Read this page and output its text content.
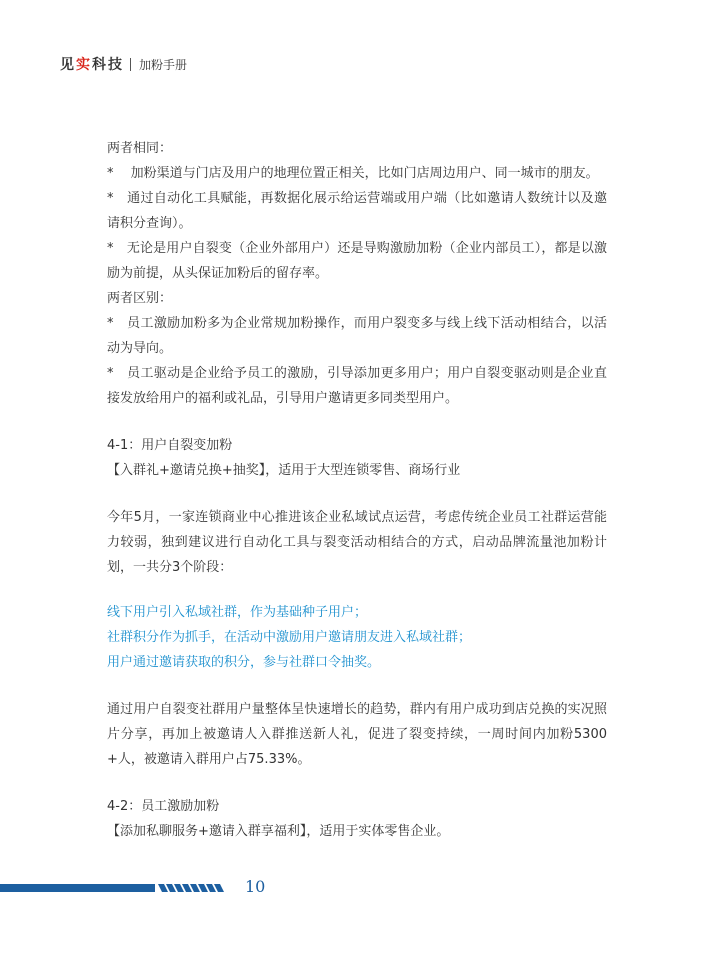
见实科技 加粉手册

两者相同：

*　 加粉渠道与门店及用户的地理位置正相关，比如门店周边用户、同一城市的朋友。

*　通过自动化工具赋能，再数据化展示给运营端或用户端（比如邀请人数统计以及邀请积分查询）。

*　无论是用户自裂变（企业外部用户）还是导购激励加粉（企业内部员工），都是以激励为前提，从头保证加粉后的留存率。

两者区别：

*　员工激励加粉多为企业常规加粉操作，而用户裂变多与线上线下活动相结合，以活动为导向。

*　员工驱动是企业给予员工的激励，引导添加更多用户；用户自裂变驱动则是企业直接发放给用户的福利或礼品，引导用户邀请更多同类型用户。

4-1：用户自裂变加粉

【入群礼+邀请兑换+抽奖】，适用于大型连锁零售、商场行业

今年5月，一家连锁商业中心推进该企业私域试点运营，考虑传统企业员工社群运营能力较弱，独到建议进行自动化工具与裂变活动相结合的方式，启动品牌流量池加粉计划，一共分3个阶段：

线下用户引入私域社群，作为基础种子用户；

社群积分作为抓手，在活动中激励用户邀请朋友进入私域社群；

用户通过邀请获取的积分，参与社群口令抽奖。

通过用户自裂变社群用户量整体呈快速增长的趋势，群内有用户成功到店兑换的实况照片分享，再加上被邀请人入群推送新人礼，促进了裂变持续，一周时间内加粉5300+人，被邀请入群用户占75.33%。

4-2：员工激励加粉

【添加私聊服务+邀请入群享福利】，适用于实体零售企业。

10
